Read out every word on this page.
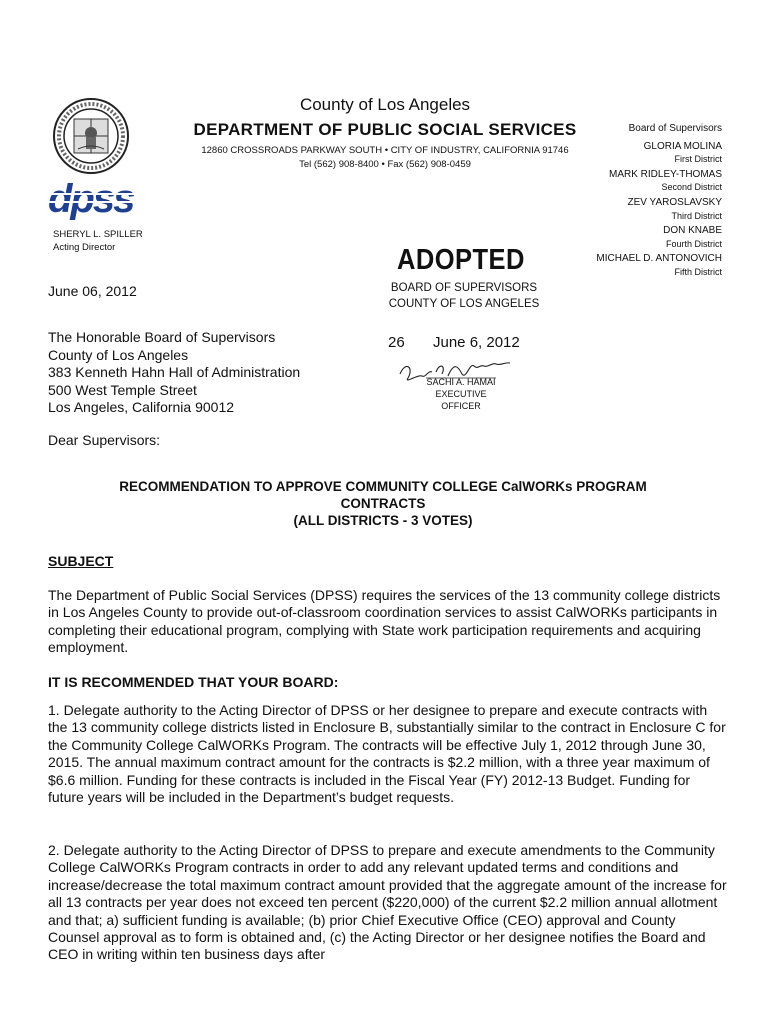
dpss
County of Los Angeles
DEPARTMENT OF PUBLIC SOCIAL SERVICES
12860 CROSSROADS PARKWAY SOUTH • CITY OF INDUSTRY, CALIFORNIA 91746
Tel (562) 908-8400 • Fax (562) 908-0459
Board of Supervisors
GLORIA MOLINA
First District
MARK RIDLEY-THOMAS
Second District
ZEV YAROSLAVSKY
Third District
DON KNABE
Fourth District
MICHAEL D. ANTONOVICH
Fifth District
SHERYL L. SPILLER
Acting Director	ADOPTED
BOARD OF SUPERVISORS
COUNTY OF LOS ANGELES
26 June 6, 2012
SACHI A. HAMAI
EXECUTIVE OFFICER
June 06, 2012
The Honorable Board of Supervisors
County of Los Angeles
383 Kenneth Hahn Hall of Administration
500 West Temple Street
Los Angeles, California 90012
Dear Supervisors:
RECOMMENDATION TO APPROVE COMMUNITY COLLEGE CalWORKs PROGRAM
CONTRACTS
(ALL DISTRICTS - 3 VOTES)
SUBJECT
The Department of Public Social Services (DPSS) requires the services of the 13 community college districts in Los Angeles County to provide out-of-classroom coordination services to assist CalWORKs participants in completing their educational program, complying with State work participation requirements and acquiring employment.
IT IS RECOMMENDED THAT YOUR BOARD:
1. Delegate authority to the Acting Director of DPSS or her designee to prepare and execute contracts with the 13 community college districts listed in Enclosure B, substantially similar to the contract in Enclosure C for the Community College CalWORKs Program. The contracts will be effective July 1, 2012 through June 30, 2015. The annual maximum contract amount for the contracts is $2.2 million, with a three year maximum of $6.6 million. Funding for these contracts is included in the Fiscal Year (FY) 2012-13 Budget. Funding for future years will be included in the Department’s budget requests.
2. Delegate authority to the Acting Director of DPSS to prepare and execute amendments to the Community College CalWORKs Program contracts in order to add any relevant updated terms and conditions and increase/decrease the total maximum contract amount provided that the aggregate amount of the increase for all 13 contracts per year does not exceed ten percent ($220,000) of the current $2.2 million annual allotment and that; a) sufficient funding is available; (b) prior Chief Executive Office (CEO) approval and County Counsel approval as to form is obtained and, (c) the Acting Director or her designee notifies the Board and CEO in writing within ten business days after
